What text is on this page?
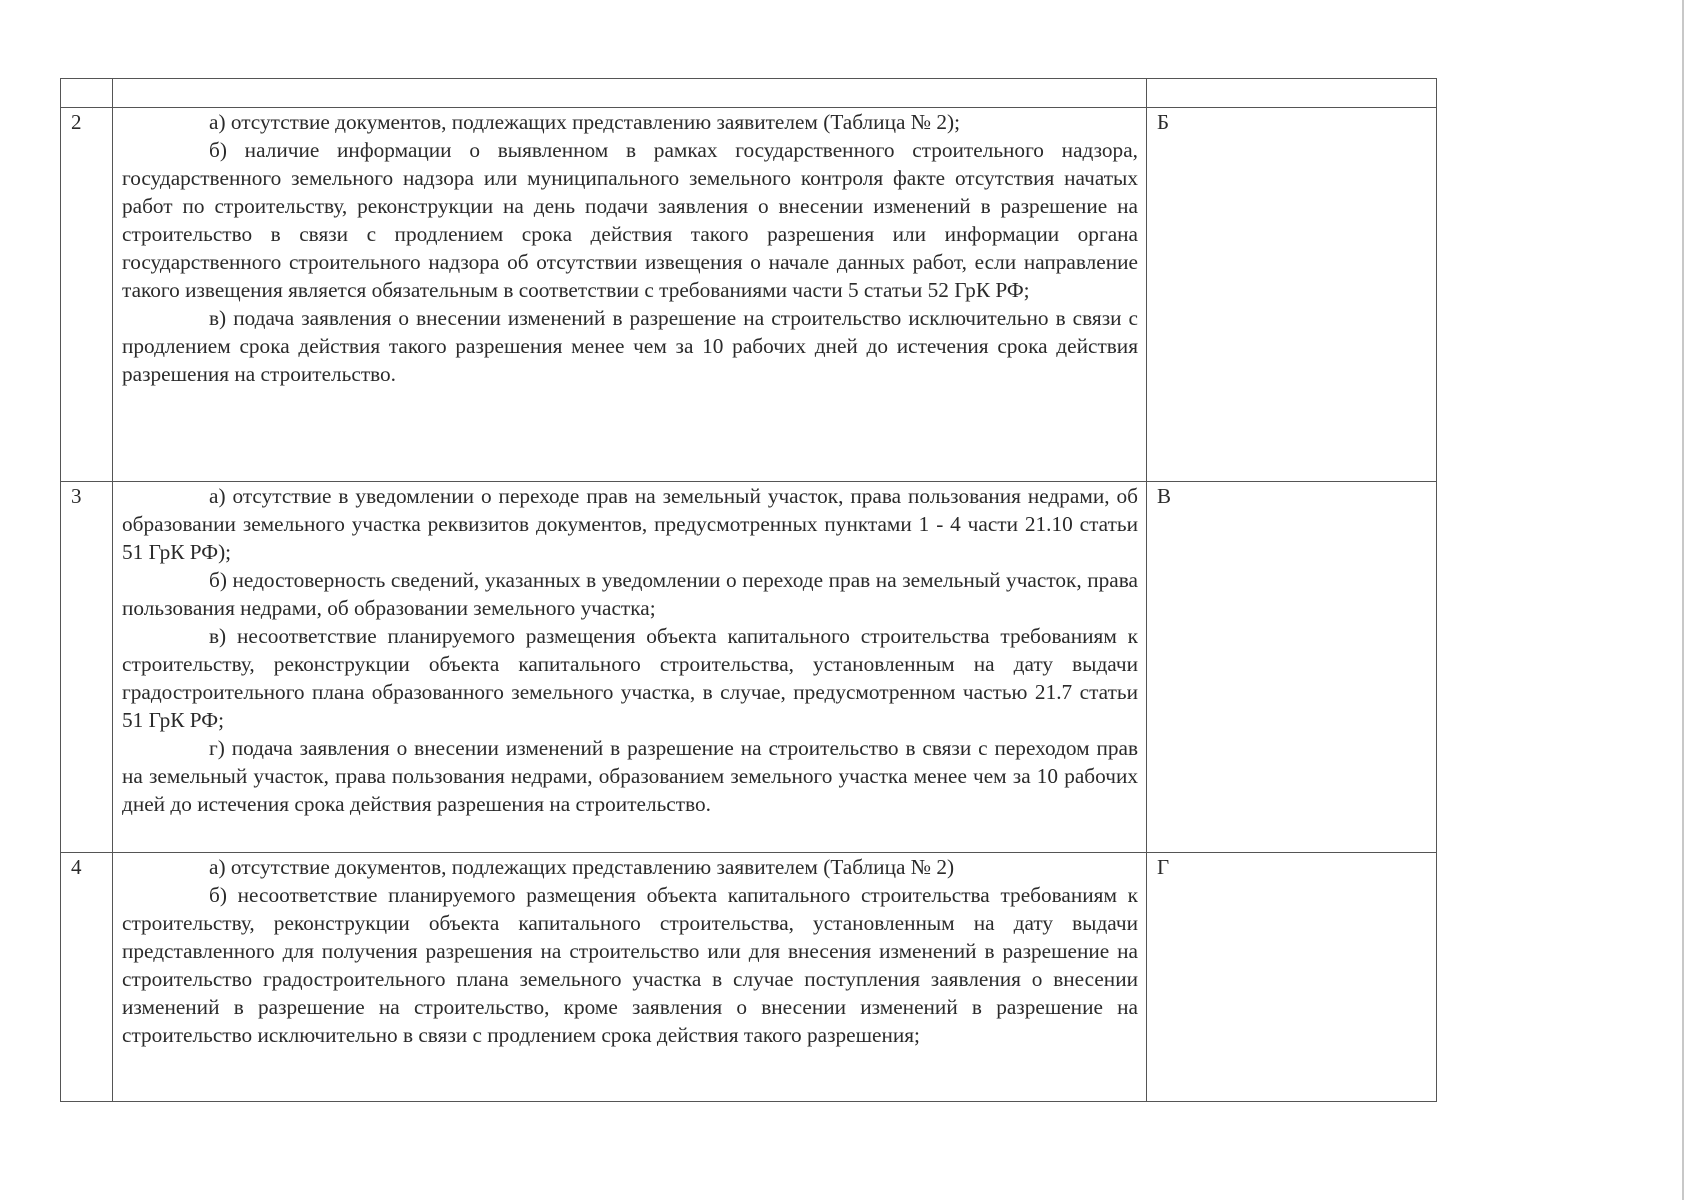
2	а) отсутствие документов, подлежащих представлению заявителем (Таблица № 2);

б) наличие информации о выявленном в рамках государственного строительного надзора, государственного земельного надзора или муниципального земельного контроля факте отсутствия начатых работ по строительству, реконструкции на день подачи заявления о внесении изменений в разрешение на строительство в связи с продлением срока действия такого разрешения или информации органа государственного строительного надзора об отсутствии извещения о начале данных работ, если направление такого извещения является обязательным в соответствии с требованиями части 5 статьи 52 ГрК РФ;

в) подача заявления о внесении изменений в разрешение на строительство исключительно в связи с продлением срока действия такого разрешения менее чем за 10 рабочих дней до истечения срока действия разрешения на строительство.	Б
3	а) отсутствие в уведомлении о переходе прав на земельный участок, права пользования недрами, об образовании земельного участка реквизитов документов, предусмотренных пунктами 1 - 4 части 21.10 статьи 51 ГрК РФ);

б) недостоверность сведений, указанных в уведомлении о переходе прав на земельный участок, права пользования недрами, об образовании земельного участка;

в) несоответствие планируемого размещения объекта капитального строительства требованиям к строительству, реконструкции объекта капитального строительства, установленным на дату выдачи градостроительного плана образованного земельного участка, в случае, предусмотренном частью 21.7 статьи 51 ГрК РФ;

г) подача заявления о внесении изменений в разрешение на строительство в связи с переходом прав на земельный участок, права пользования недрами, образованием земельного участка менее чем за 10 рабочих дней до истечения срока действия разрешения на строительство.	В
4	а) отсутствие документов, подлежащих представлению заявителем (Таблица № 2)

б) несоответствие планируемого размещения объекта капитального строительства требованиям к строительству, реконструкции объекта капитального строительства, установленным на дату выдачи представленного для получения разрешения на строительство или для внесения изменений в разрешение на строительство градостроительного плана земельного участка в случае поступления заявления о внесении изменений в разрешение на строительство, кроме заявления о внесении изменений в разрешение на строительство исключительно в связи с продлением срока действия такого разрешения;	Г
